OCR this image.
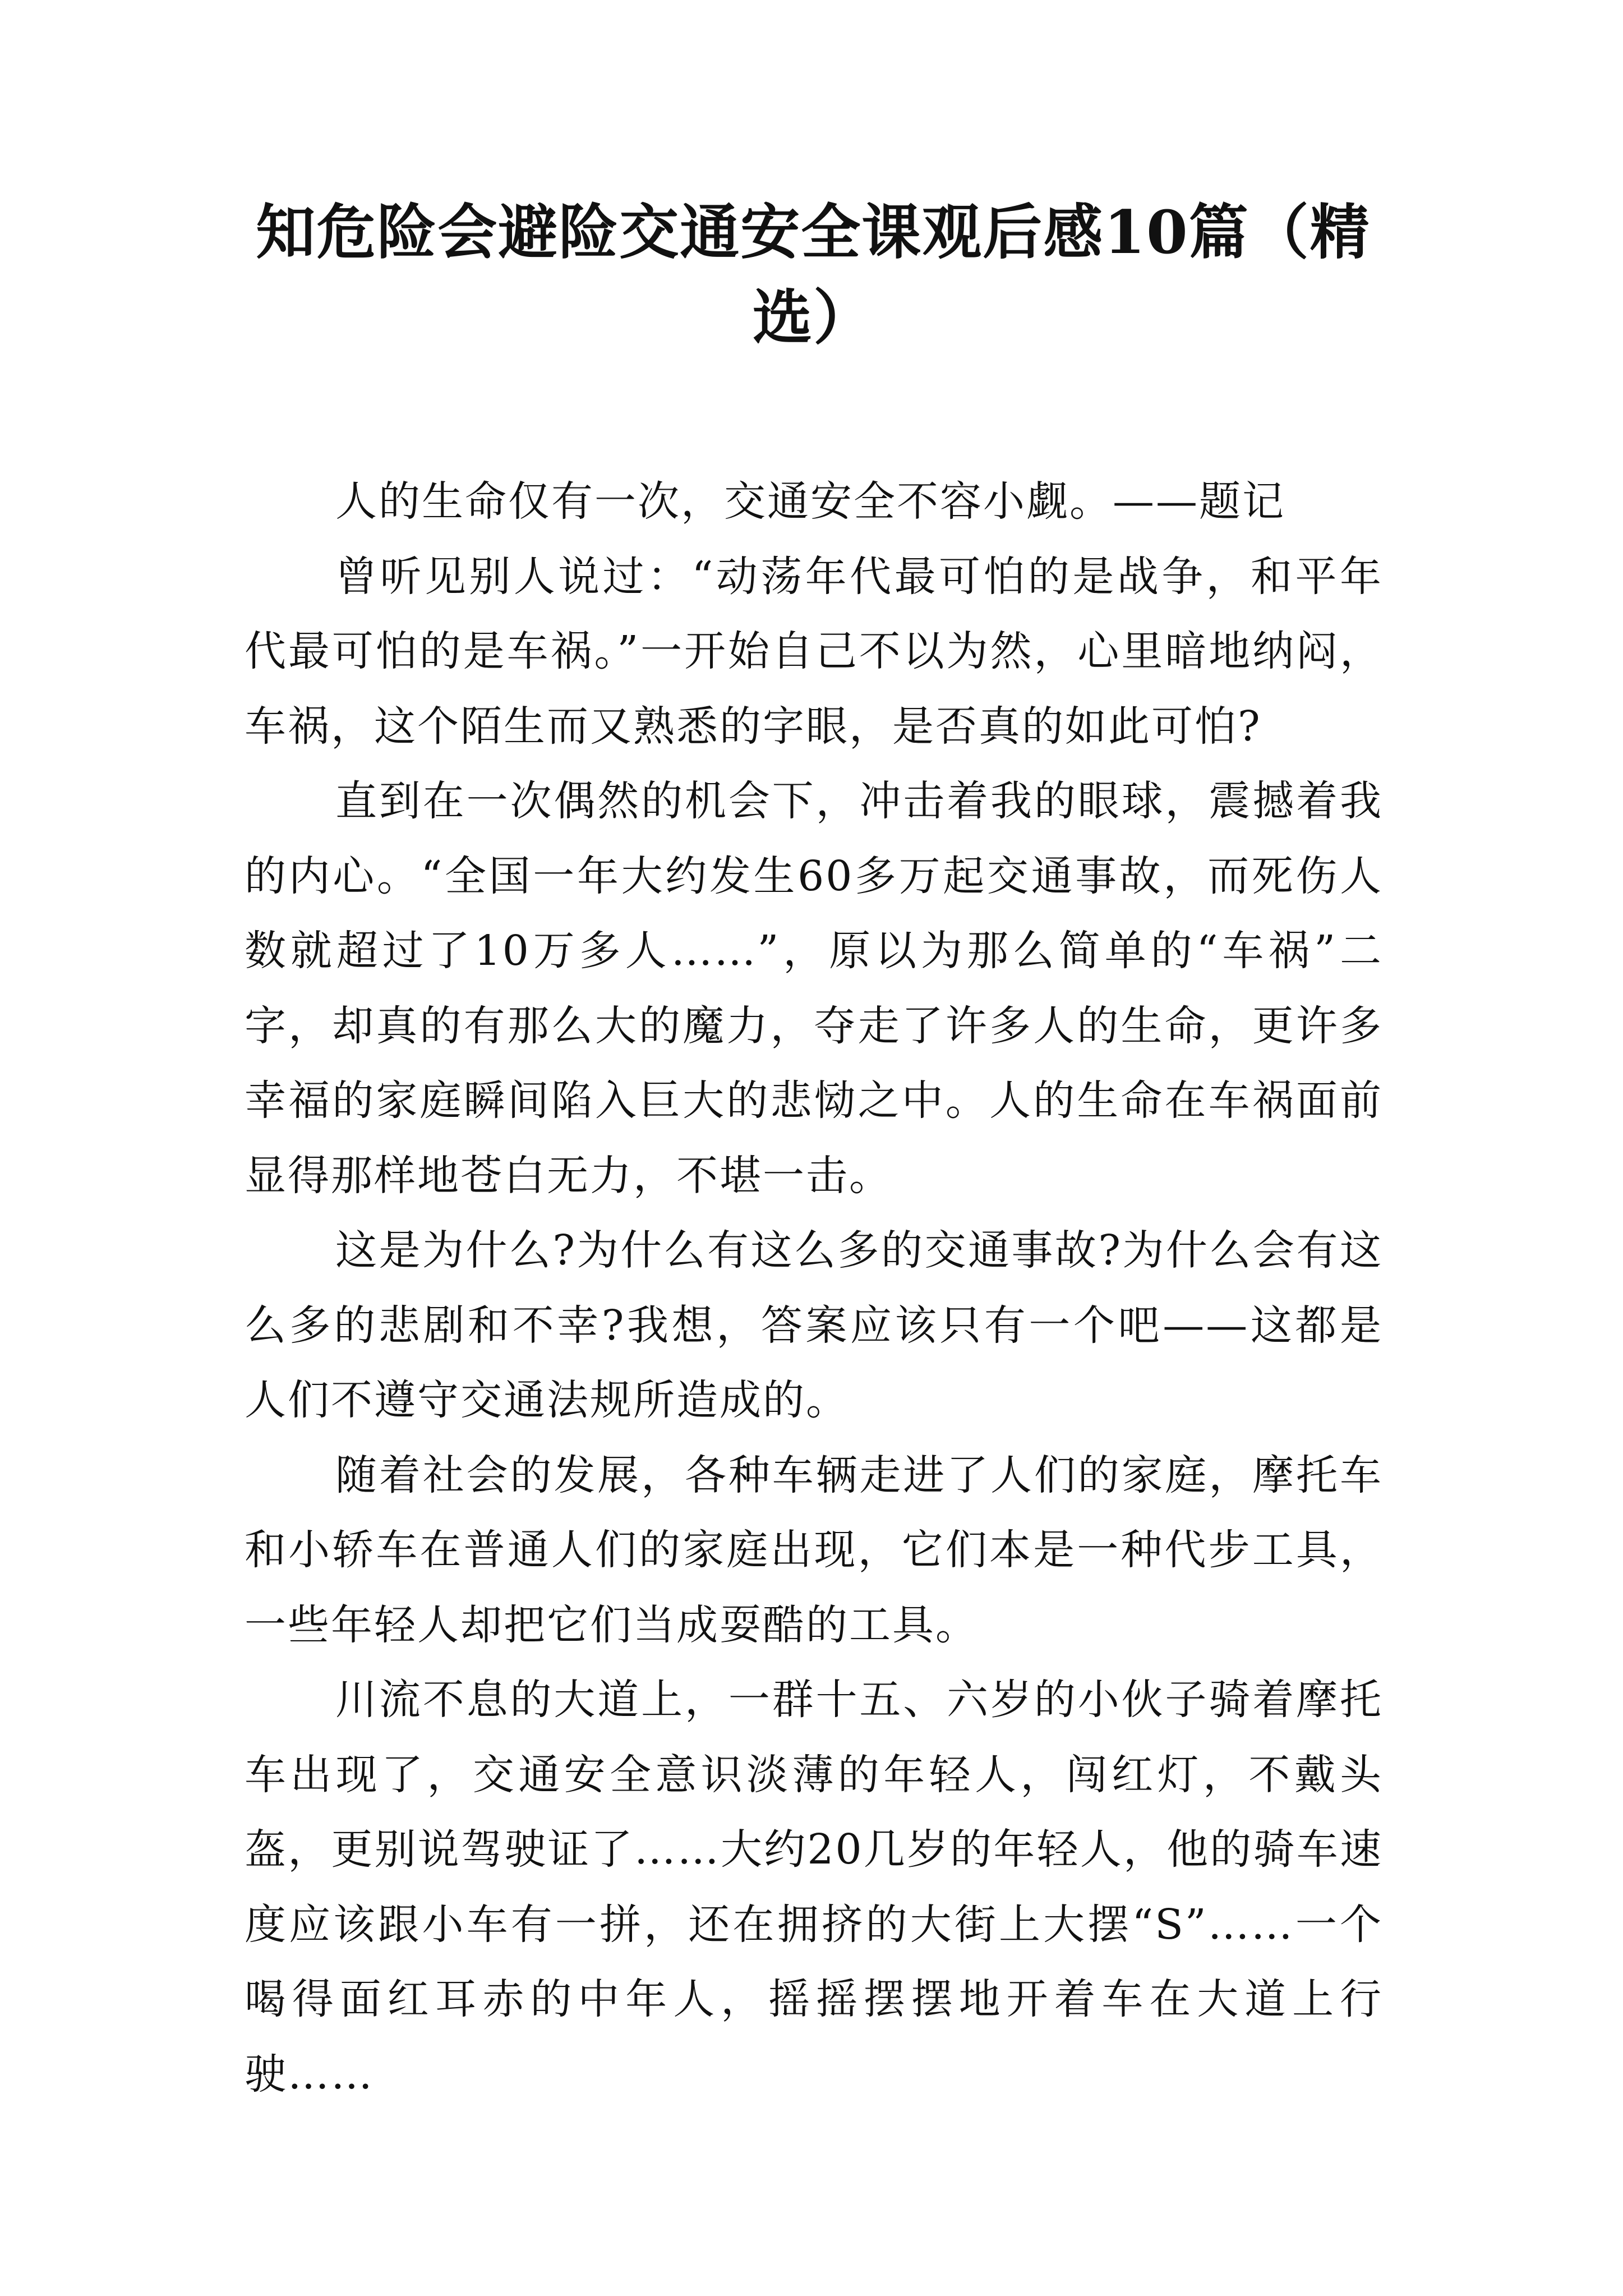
知危险会避险交通安全课观后感10篇（精选）

人的生命仅有一次，交通安全不容小觑。——题记

曾听见别人说过：“动荡年代最可怕的是战争，和平年代最可怕的是车祸。”一开始自己不以为然，心里暗地纳闷，车祸，这个陌生而又熟悉的字眼，是否真的如此可怕?

直到在一次偶然的机会下，冲击着我的眼球，震撼着我的内心。“全国一年大约发生60多万起交通事故，而死伤人数就超过了10万多人……”，原以为那么简单的“车祸”二字，却真的有那么大的魔力，夺走了许多人的生命，更许多幸福的家庭瞬间陷入巨大的悲恸之中。人的生命在车祸面前显得那样地苍白无力，不堪一击。

这是为什么?为什么有这么多的交通事故?为什么会有这么多的悲剧和不幸?我想，答案应该只有一个吧——这都是人们不遵守交通法规所造成的。

随着社会的发展，各种车辆走进了人们的家庭，摩托车和小轿车在普通人们的家庭出现，它们本是一种代步工具，一些年轻人却把它们当成耍酷的工具。

川流不息的大道上，一群十五、六岁的小伙子骑着摩托车出现了，交通安全意识淡薄的年轻人，闯红灯，不戴头盔，更别说驾驶证了……大约20几岁的年轻人，他的骑车速度应该跟小车有一拼，还在拥挤的大街上大摆“S”……一个喝得面红耳赤的中年人，摇摇摆摆地开着车在大道上行驶……
